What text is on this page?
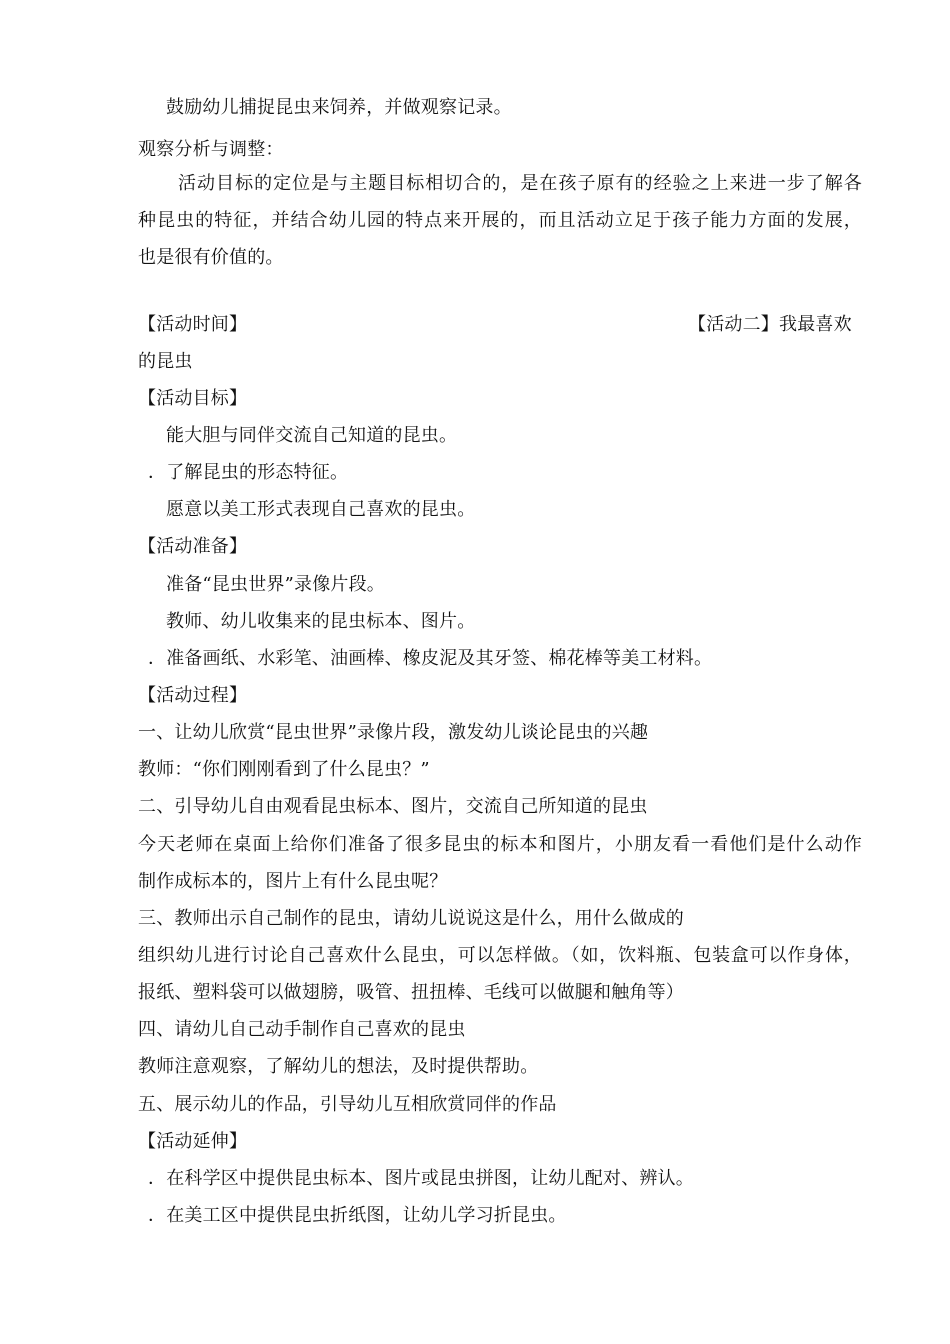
鼓励幼儿捕捉昆虫来饲养，并做观察记录。
观察分析与调整：
活动目标的定位是与主题目标相切合的，是在孩子原有的经验之上来进一步了解各
种昆虫的特征，并结合幼儿园的特点来开展的，而且活动立足于孩子能力方面的发展，
也是很有价值的。
【活动时间】	【活动二】我最喜欢
的昆虫
【活动目标】
能大胆与同伴交流自己知道的昆虫。
．了解昆虫的形态特征。
愿意以美工形式表现自己喜欢的昆虫。
【活动准备】
准备“昆虫世界”录像片段。
教师、幼儿收集来的昆虫标本、图片。
．准备画纸、水彩笔、油画棒、橡皮泥及其牙签、棉花棒等美工材料。
【活动过程】
一、让幼儿欣赏“昆虫世界”录像片段，激发幼儿谈论昆虫的兴趣
教师：“你们刚刚看到了什么昆虫？”
二、引导幼儿自由观看昆虫标本、图片，交流自己所知道的昆虫
今天老师在桌面上给你们准备了很多昆虫的标本和图片，小朋友看一看他们是什么动作
制作成标本的，图片上有什么昆虫呢？
三、教师出示自己制作的昆虫，请幼儿说说这是什么，用什么做成的
组织幼儿进行讨论自己喜欢什么昆虫，可以怎样做。（如，饮料瓶、包装盒可以作身体，
报纸、塑料袋可以做翅膀，吸管、扭扭棒、毛线可以做腿和触角等）
四、请幼儿自己动手制作自己喜欢的昆虫
教师注意观察，了解幼儿的想法，及时提供帮助。
五、展示幼儿的作品，引导幼儿互相欣赏同伴的作品
【活动延伸】
．在科学区中提供昆虫标本、图片或昆虫拼图，让幼儿配对、辨认。
．在美工区中提供昆虫折纸图，让幼儿学习折昆虫。
